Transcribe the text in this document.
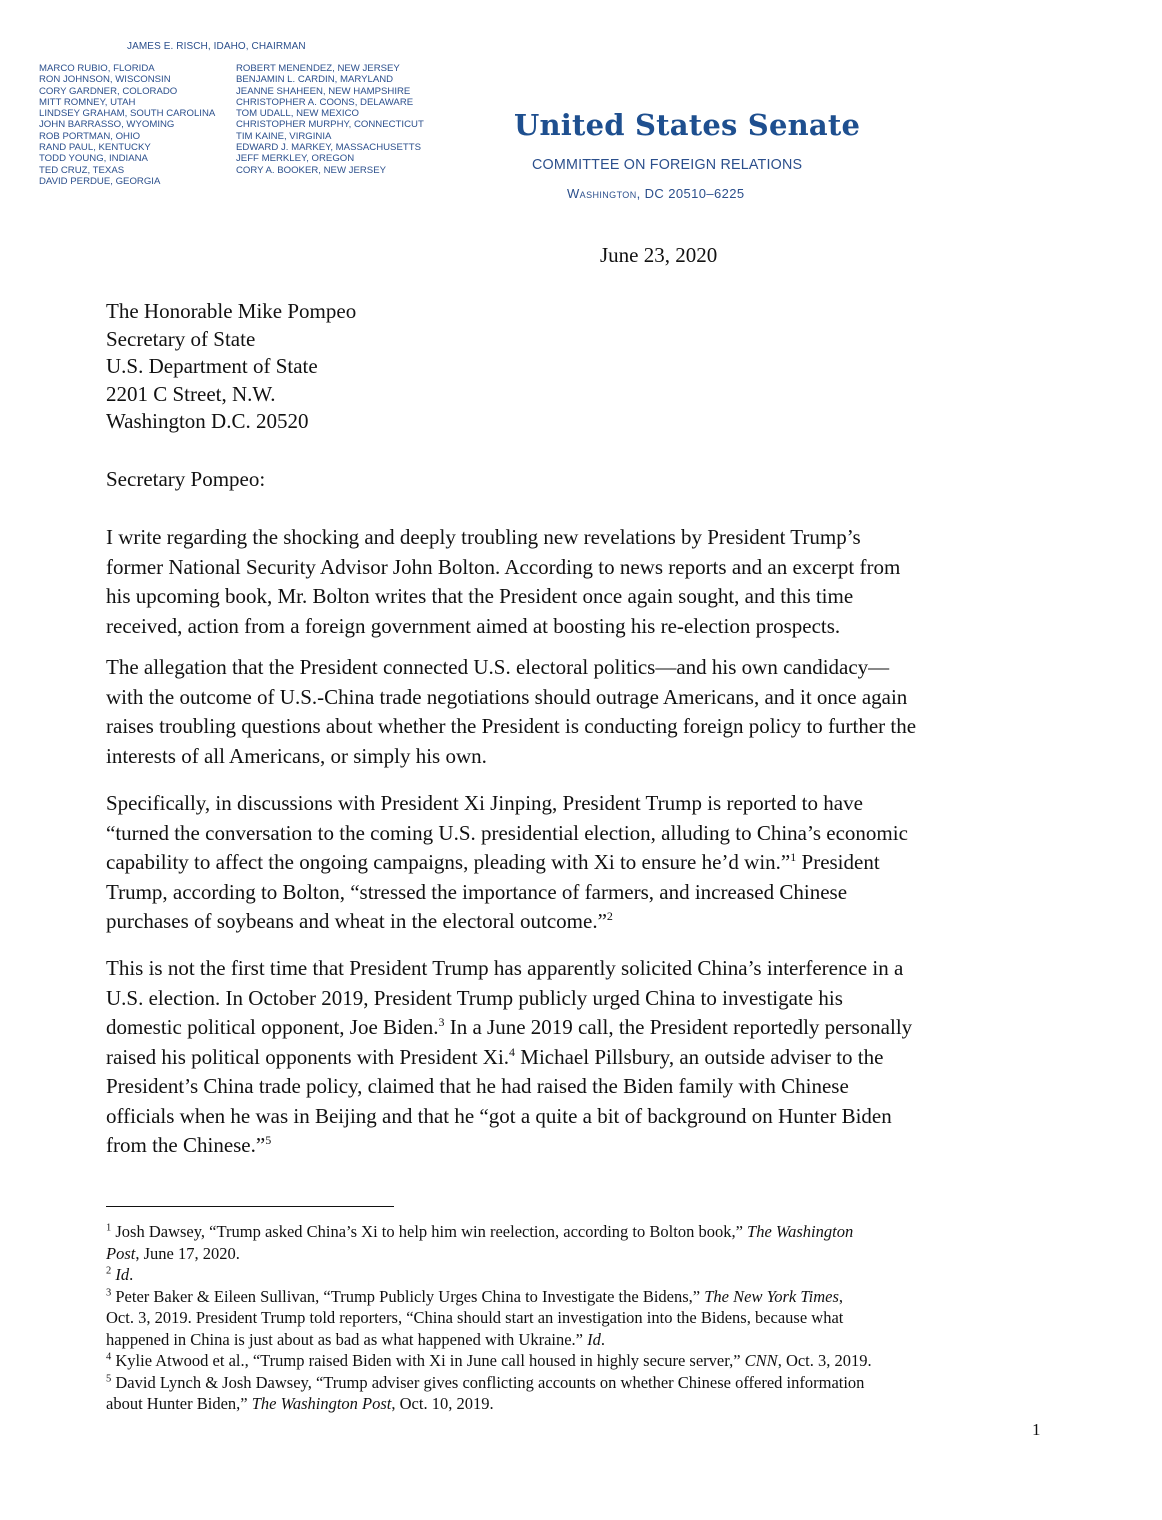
JAMES E. RISCH, IDAHO, CHAIRMAN
MARCO RUBIO, FLORIDA
RON JOHNSON, WISCONSIN
CORY GARDNER, COLORADO
MITT ROMNEY, UTAH
LINDSEY GRAHAM, SOUTH CAROLINA
JOHN BARRASSO, WYOMING
ROB PORTMAN, OHIO
RAND PAUL, KENTUCKY
TODD YOUNG, INDIANA
TED CRUZ, TEXAS
DAVID PERDUE, GEORGIA
ROBERT MENENDEZ, NEW JERSEY
BENJAMIN L. CARDIN, MARYLAND
JEANNE SHAHEEN, NEW HAMPSHIRE
CHRISTOPHER A. COONS, DELAWARE
TOM UDALL, NEW MEXICO
CHRISTOPHER MURPHY, CONNECTICUT
TIM KAINE, VIRGINIA
EDWARD J. MARKEY, MASSACHUSETTS
JEFF MERKLEY, OREGON
CORY A. BOOKER, NEW JERSEY
United States Senate
COMMITTEE ON FOREIGN RELATIONS
Washington, DC 20510–6225
June 23, 2020
The Honorable Mike Pompeo
Secretary of State
U.S. Department of State
2201 C Street, N.W.
Washington D.C. 20520
Secretary Pompeo:
I write regarding the shocking and deeply troubling new revelations by President Trump’s
former National Security Advisor John Bolton. According to news reports and an excerpt from
his upcoming book, Mr. Bolton writes that the President once again sought, and this time
received, action from a foreign government aimed at boosting his re-election prospects.
The allegation that the President connected U.S. electoral politics—and his own candidacy—
with the outcome of U.S.-China trade negotiations should outrage Americans, and it once again
raises troubling questions about whether the President is conducting foreign policy to further the
interests of all Americans, or simply his own.
Specifically, in discussions with President Xi Jinping, President Trump is reported to have
“turned the conversation to the coming U.S. presidential election, alluding to China’s economic
capability to affect the ongoing campaigns, pleading with Xi to ensure he’d win.”$^1$ President
Trump, according to Bolton, “stressed the importance of farmers, and increased Chinese
purchases of soybeans and wheat in the electoral outcome.”$^2$
This is not the first time that President Trump has apparently solicited China’s interference in a
U.S. election. In October 2019, President Trump publicly urged China to investigate his
domestic political opponent, Joe Biden.$^3$ In a June 2019 call, the President reportedly personally
raised his political opponents with President Xi.$^4$ Michael Pillsbury, an outside adviser to the
President’s China trade policy, claimed that he had raised the Biden family with Chinese
officials when he was in Beijing and that he “got a quite a bit of background on Hunter Biden
from the Chinese.”$^5$
$^1$ Josh Dawsey, “Trump asked China’s Xi to help him win reelection, according to Bolton book,” The Washington
Post, June 17, 2020.
$^2$ Id.
$^3$ Peter Baker & Eileen Sullivan, “Trump Publicly Urges China to Investigate the Bidens,” The New York Times,
Oct. 3, 2019. President Trump told reporters, “China should start an investigation into the Bidens, because what
happened in China is just about as bad as what happened with Ukraine.” Id.
$^4$ Kylie Atwood et al., “Trump raised Biden with Xi in June call housed in highly secure server,” CNN, Oct. 3, 2019.
$^5$ David Lynch & Josh Dawsey, “Trump adviser gives conflicting accounts on whether Chinese offered information
about Hunter Biden,” The Washington Post, Oct. 10, 2019.
1
